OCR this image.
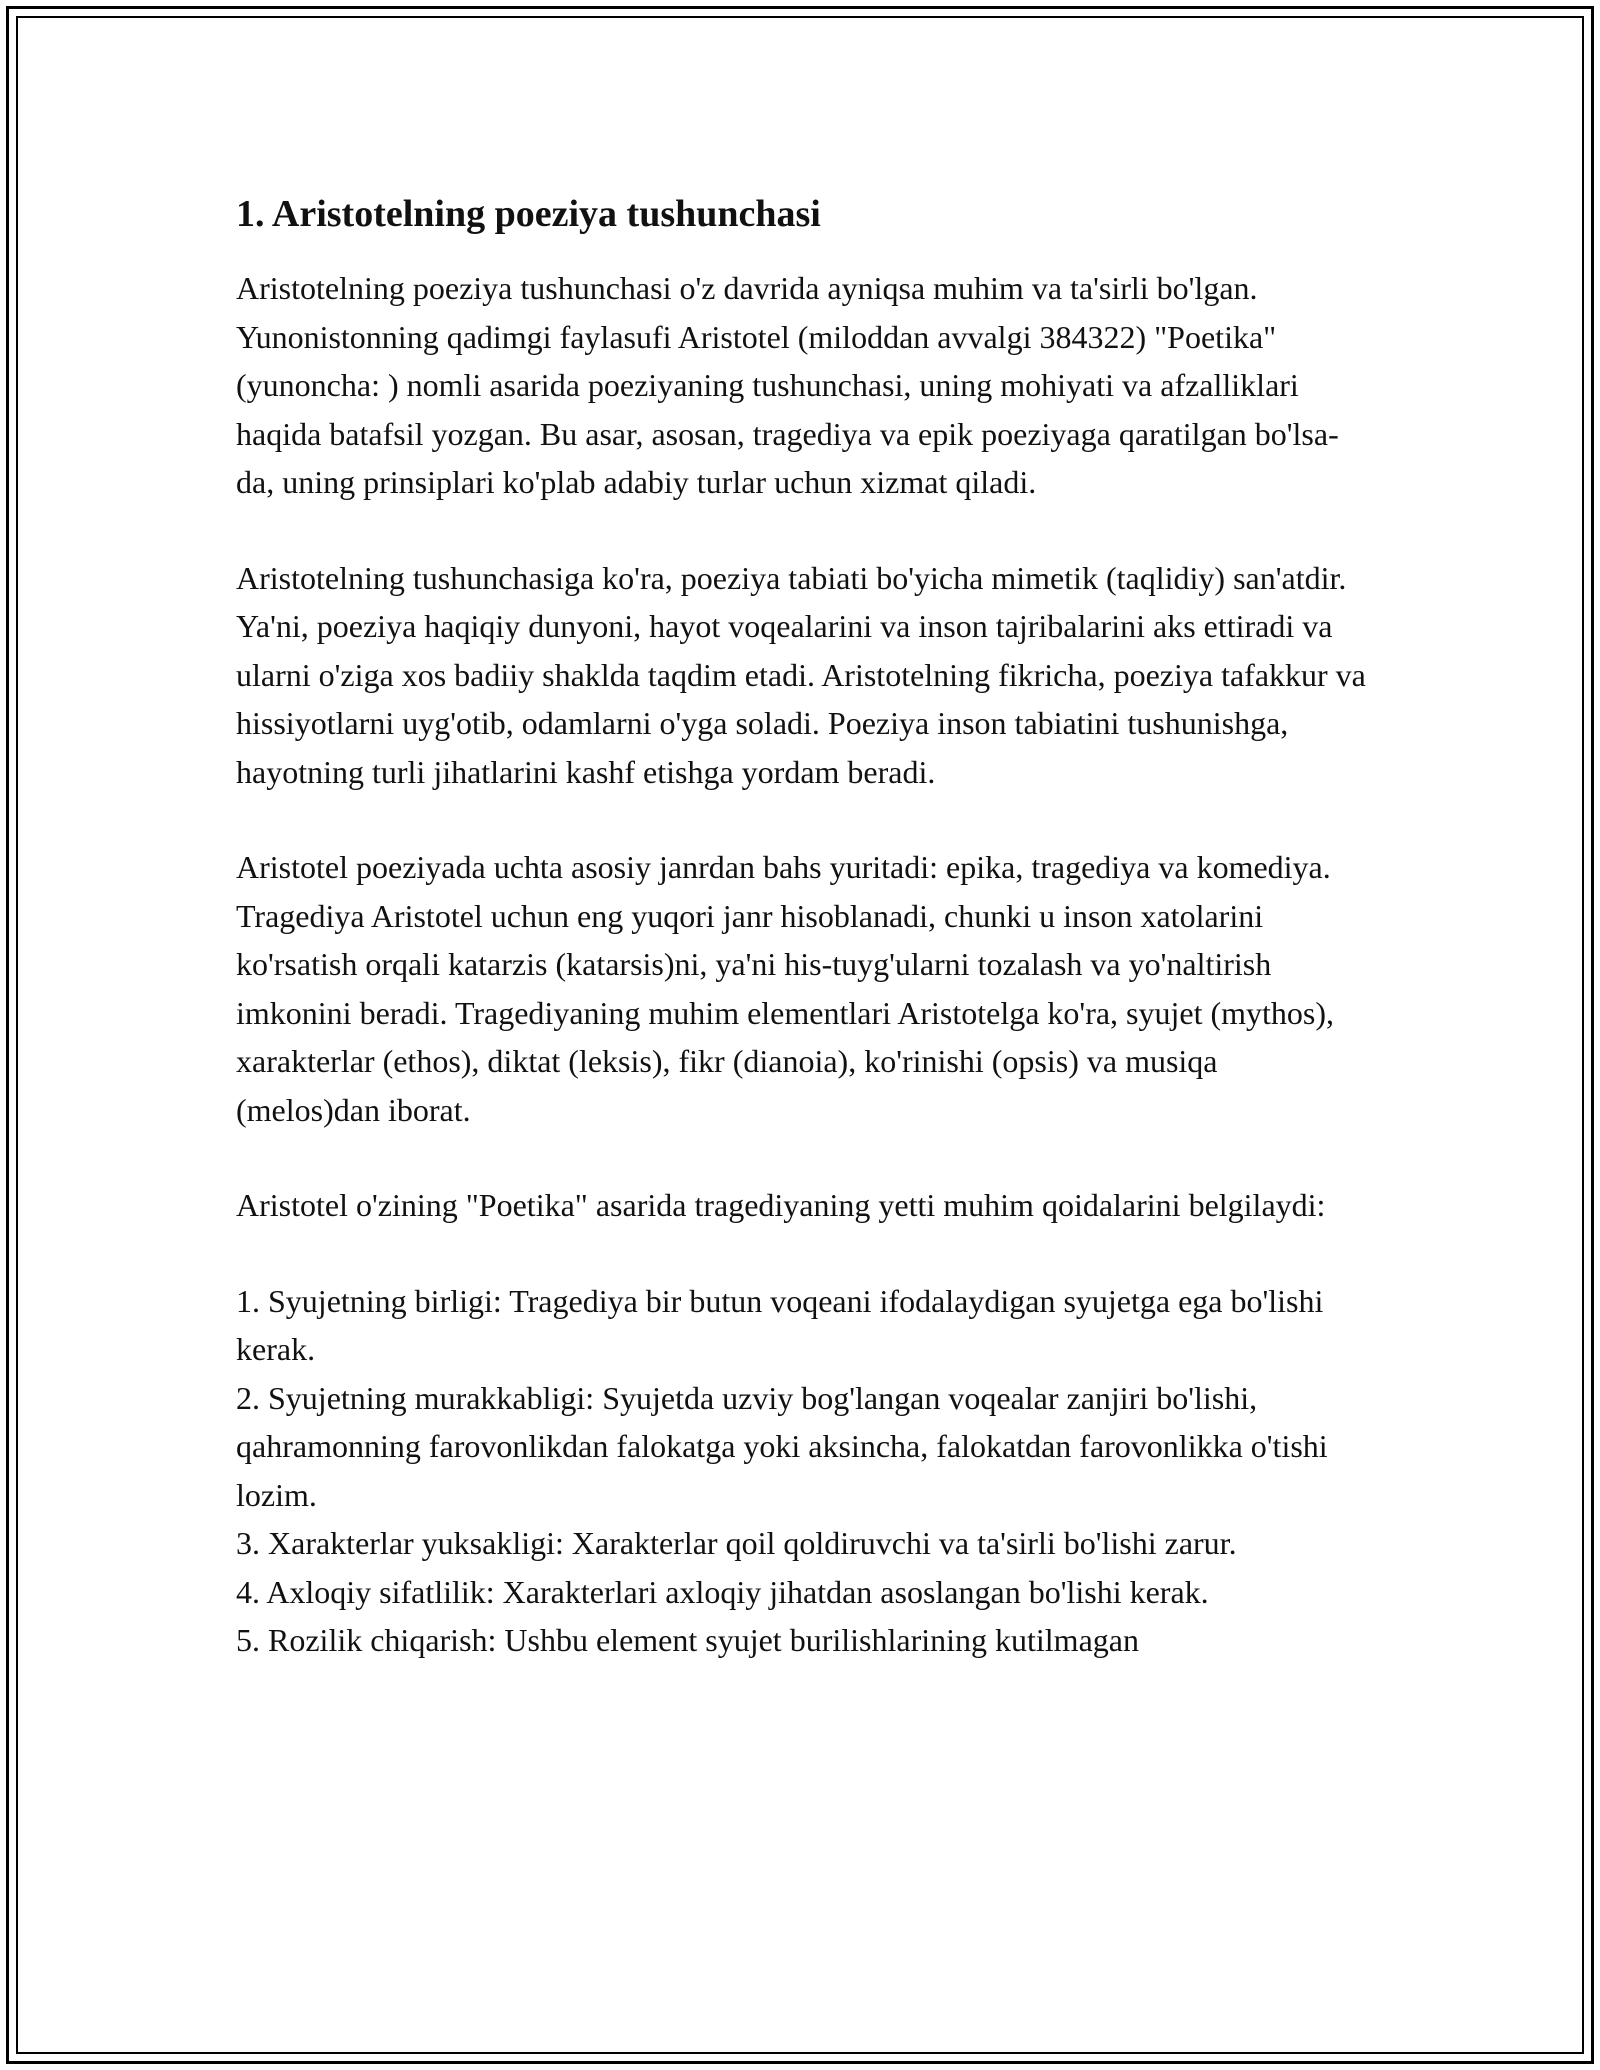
1. Aristotelning poeziya tushunchasi

Aristotelning poeziya tushunchasi o'z davrida ayniqsa muhim va ta'sirli bo'lgan. Yunonistonning qadimgi faylasufi Aristotel (miloddan avvalgi 384322) "Poetika" (yunoncha: ) nomli asarida poeziyaning tushunchasi, uning mohiyati va afzalliklari haqida batafsil yozgan. Bu asar, asosan, tragediya va epik poeziyaga qaratilgan bo'lsa-da, uning prinsiplari ko'plab adabiy turlar uchun xizmat qiladi.

Aristotelning tushunchasiga ko'ra, poeziya tabiati bo'yicha mimetik (taqlidiy) san'atdir. Ya'ni, poeziya haqiqiy dunyoni, hayot voqealarini va inson tajribalarini aks ettiradi va ularni o'ziga xos badiiy shaklda taqdim etadi. Aristotelning fikricha, poeziya tafakkur va hissiyotlarni uyg'otib, odamlarni o'yga soladi. Poeziya inson tabiatini tushunishga, hayotning turli jihatlarini kashf etishga yordam beradi.

Aristotel poeziyada uchta asosiy janrdan bahs yuritadi: epika, tragediya va komediya. Tragediya Aristotel uchun eng yuqori janr hisoblanadi, chunki u inson xatolarini ko'rsatish orqali katarzis (katarsis)ni, ya'ni his-tuyg'ularni tozalash va yo'naltirish imkonini beradi. Tragediyaning muhim elementlari Aristotelga ko'ra, syujet (mythos), xarakterlar (ethos), diktat (leksis), fikr (dianoia), ko'rinishi (opsis) va musiqa (melos)dan iborat.

Aristotel o'zining "Poetika" asarida tragediyaning yetti muhim qoidalarini belgilaydi:

1. Syujetning birligi: Tragediya bir butun voqeani ifodalaydigan syujetga ega bo'lishi kerak.
2. Syujetning murakkabligi: Syujetda uzviy bog'langan voqealar zanjiri bo'lishi, qahramonning farovonlikdan falokatga yoki aksincha, falokatdan farovonlikka o'tishi lozim.
3. Xarakterlar yuksakligi: Xarakterlar qoil qoldiruvchi va ta'sirli bo'lishi zarur.
4. Axloqiy sifatlilik: Xarakterlari axloqiy jihatdan asoslangan bo'lishi kerak.
5. Rozilik chiqarish: Ushbu element syujet burilishlarining kutilmagan
